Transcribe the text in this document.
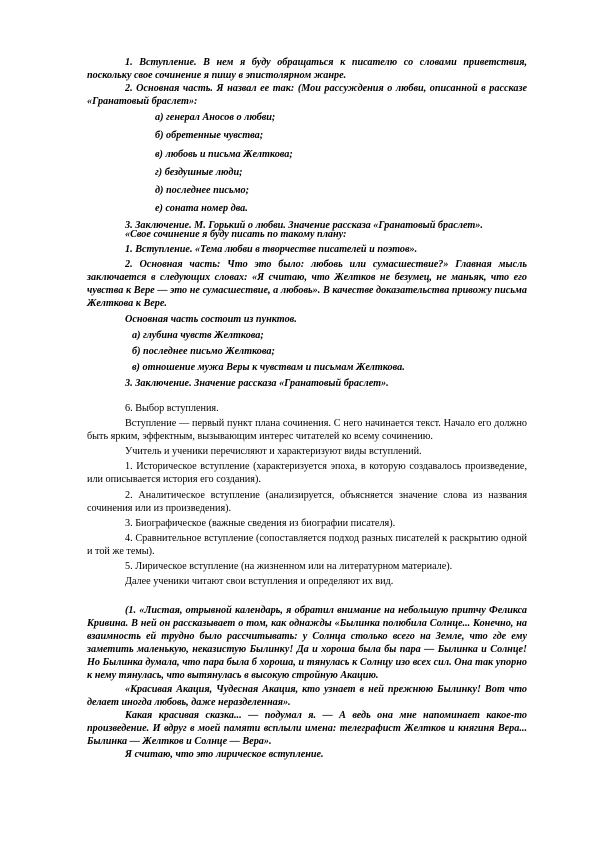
1. Вступление. В нем я буду обращаться к писателю со словами приветствия, поскольку свое сочинение я пишу в эпистолярном жанре.

2. Основная часть. Я назвал ее так: (Мои рассуждения о любви, описанной в рассказе «Гранатовый браслет»:

а) генерал Аносов о любви;

б) обретенные чувства;

в) любовь и письма Желткова;

г) бездушные люди;

д) последнее письмо;

е) соната номер два.

3. Заключение. М. Горький о любви. Значение рассказа «Гранатовый браслет».

«Свое сочинение я буду писать по такому плану:

1. Вступление. «Тема любви в творчестве писателей и поэтов».

2. Основная часть: Что это было: любовь или сумасшествие?» Главная мысль заключается в следующих словах: «Я считаю, что Желтков не безумец, не маньяк, что его чувства к Вере — это не сумасшествие, а любовь». В качестве доказательства привожу письма Желткова к Вере.

Основная часть состоит из пунктов.

а) глубина чувств Желткова;

б) последнее письмо Желткова;

в) отношение мужа Веры к чувствам и письмам Желткова.

3. Заключение. Значение рассказа «Гранатовый браслет».

6. Выбор вступления.

Вступление — первый пункт плана сочинения. С него начинается текст. Начало его должно быть ярким, эффектным, вызывающим интерес читателей ко всему сочинению.

Учитель и ученики перечисляют и характеризуют виды вступлений.

1. Историческое вступление (характеризуется эпоха, в которую создавалось произведение, или описывается история его создания).

2. Аналитическое вступление (анализируется, объясняется значение слова из названия сочинения или из произведения).

3. Биографическое (важные сведения из биографии писателя).

4. Сравнительное вступление (сопоставляется подход разных писателей к раскрытию одной и той же темы).

5. Лирическое вступление (на жизненном или на литературном материале).

Далее ученики читают свои вступления и определяют их вид.

(1. «Листая, отрывной календарь, я обратил внимание на небольшую притчу Феликса Кривина. В ней он рассказывает о том, как однажды «Былинка полюбила Солнце... Конечно, на взаимность ей трудно было рассчитывать: у Солнца столько всего на Земле, что где ему заметить маленькую, неказистую Былинку! Да и хороша была бы пара — Былинка и Солнце! Но Былинка думала, что пара была б хороша, и тянулась к Солнцу изо всех сил. Она так упорно к нему тянулась, что вытянулась в высокую стройную Акацию.

«Красивая Акация, Чудесная Акация, кто узнает в ней прежнюю Былинку! Вот что делает иногда любовь, даже неразделенная».

Какая красивая сказка... — подумал я. — А ведь она мне напоминает какое-то произведение. И вдруг в моей памяти всплыли имена: телеграфист Желтков и княгиня Вера... Былинка — Желтков и Солнце — Вера».

Я считаю, что это лирическое вступление.
